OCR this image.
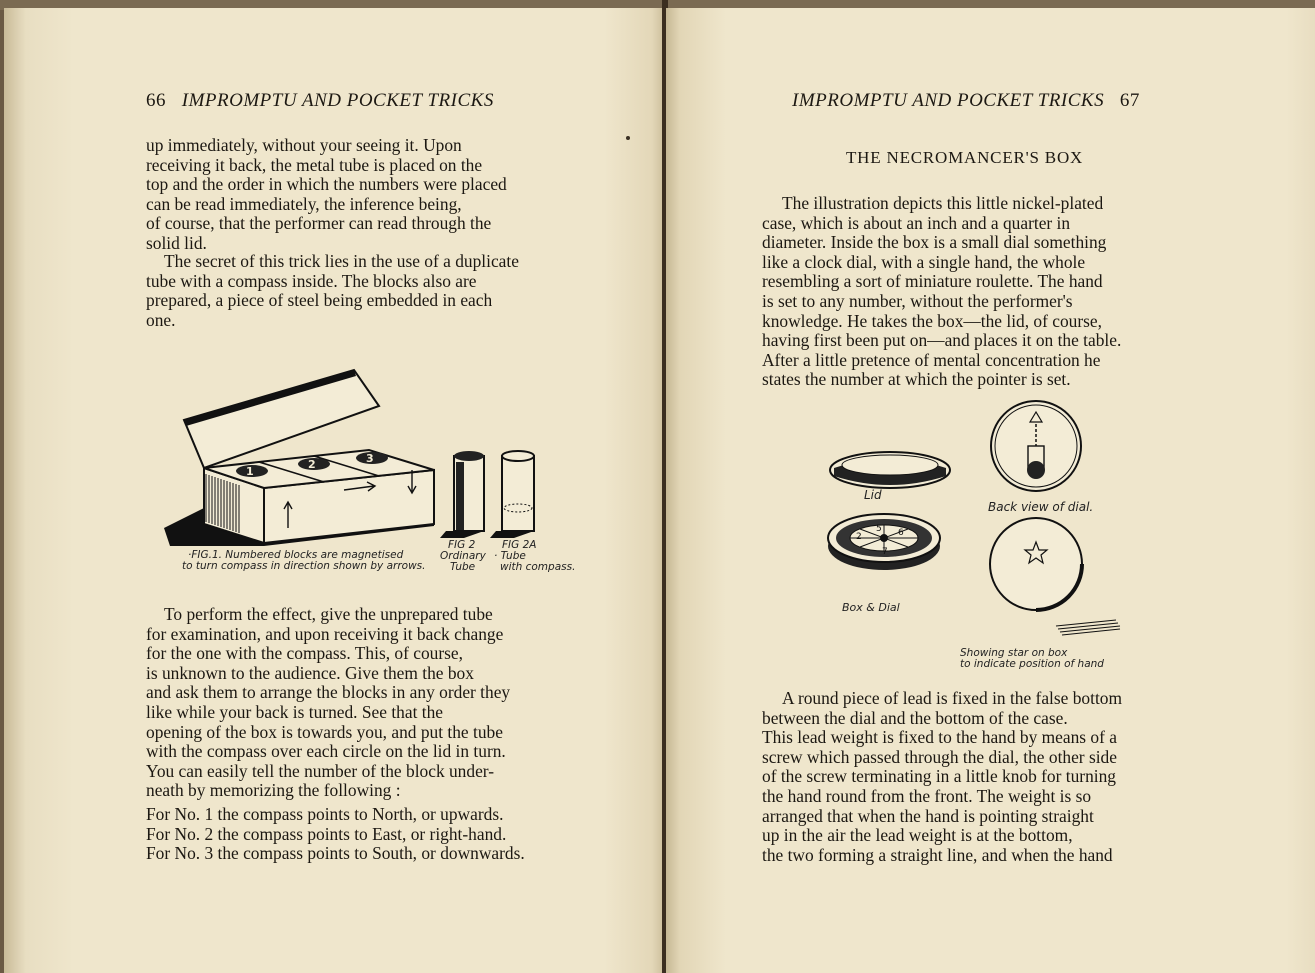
66 IMPROMPTU AND POCKET TRICKS
up immediately, without your seeing it. Upon
receiving it back, the metal tube is placed on the
top and the order in which the numbers were placed
can be read immediately, the inference being,
of course, that the performer can read through the
solid lid.
The secret of this trick lies in the use of a duplicate
tube with a compass inside. The blocks also are
prepared, a piece of steel being embedded in each
one.
1
2	3
·FIG.1. Numbered blocks are magnetised
to turn compass in direction shown by arrows.
FIG 2
Ordinary
Tube
FIG 2A
· Tube
with compass.
To perform the effect, give the unprepared tube
for examination, and upon receiving it back change
for the one with the compass. This, of course,
is unknown to the audience. Give them the box
and ask them to arrange the blocks in any order they
like while your back is turned. See that the
opening of the box is towards you, and put the tube
with the compass over each circle on the lid in turn.
You can easily tell the number of the block under-
neath by memorizing the following :
For No. 1 the compass points to North, or upwards.
For No. 2 the compass points to East, or right-hand.
For No. 3 the compass points to South, or downwards.
IMPROMPTU AND POCKET TRICKS 67
THE NECROMANCER'S BOX
The illustration depicts this little nickel-plated
case, which is about an inch and a quarter in
diameter. Inside the box is a small dial something
like a clock dial, with a single hand, the whole
resembling a sort of miniature roulette. The hand
is set to any number, without the performer's
knowledge. He takes the box—the lid, of course,
having first been put on—and places it on the table.
After a little pretence of mental concentration he
states the number at which the pointer is set.
5 6
2
7
Lid
Back view of dial.
Box & Dial
Showing star on box
to indicate position of hand
A round piece of lead is fixed in the false bottom
between the dial and the bottom of the case.
This lead weight is fixed to the hand by means of a
screw which passed through the dial, the other side
of the screw terminating in a little knob for turning
the hand round from the front. The weight is so
arranged that when the hand is pointing straight
up in the air the lead weight is at the bottom,
the two forming a straight line, and when the hand
